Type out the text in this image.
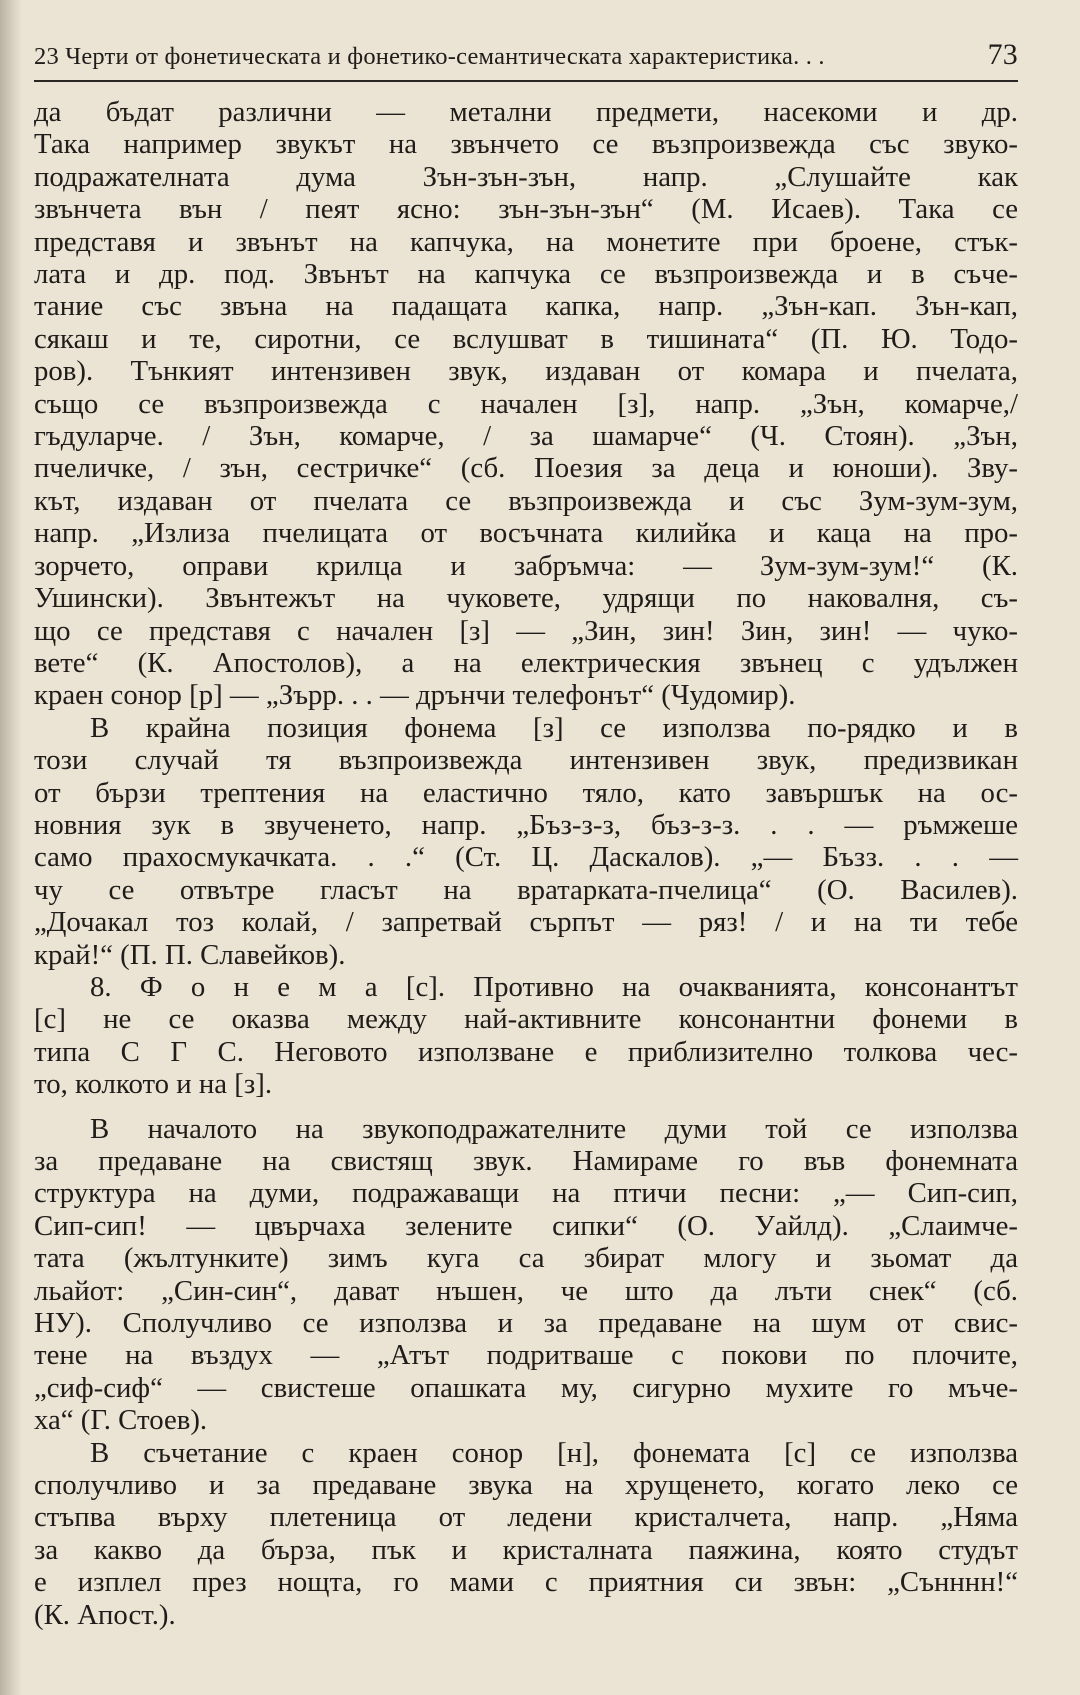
23 Черти от фонетическата и фонетико-семантическата характеристика. . .	73
да бъдат различни — метални предмети, насекоми и др.
Така например звукът на звънчето се възпроизвежда със звуко-
подражателната дума Зън-зън-зън, напр. „Слушайте как
звънчета вън / пеят ясно: зън-зън-зън“ (М. Исаев). Така се
представя и звънът на капчука, на монетите при броене, стък-
лата и др. под. Звънът на капчука се възпроизвежда и в съче-
тание със звъна на падащата капка, напр. „Зън-кап. Зън-кап,
сякаш и те, сиротни, се вслушват в тишината“ (П. Ю. Тодо-
ров). Тънкият интензивен звук, издаван от комара и пчелата,
също се възпроизвежда с начален [з], напр. „Зън, комарче,/
гъдуларче. / Зън, комарче, / за шамарче“ (Ч. Стоян). „Зън,
пчеличке, / зън, сестричке“ (сб. Поезия за деца и юноши). Зву-
кът, издаван от пчелата се възпроизвежда и със Зум-зум-зум,
напр. „Излиза пчелицата от восъчната килийка и каца на про-
зорчето, оправи крилца и забръмча: — Зум-зум-зум!“ (К.
Ушински). Звънтежът на чуковете, удрящи по наковалня, съ-
що се представя с начален [з] — „Зин, зин! Зин, зин! — чуко-
вете“ (К. Апостолов), а на електрическия звънец с удължен
краен сонор [р] — „Зърр. . . — дрънчи телефонът“ (Чудомир).
В крайна позиция фонема [з] се използва по-рядко и в
този случай тя възпроизвежда интензивен звук, предизвикан
от бързи трептения на еластично тяло, като завършък на ос-
новния зук в звученето, напр. „Бъз-з-з, бъз-з-з. . . — ръмжеше
само прахосмукачката. . .“ (Ст. Ц. Даскалов). „— Бъзз. . . —
чу се отвътре гласът на вратарката-пчелица“ (О. Василев).
„Дочакал тоз колай, / запретвай сърпът — ряз! / и на ти тебе
край!“ (П. П. Славейков).
8. Ф о н е м а [с]. Противно на очакванията, консонантът
[с] не се оказва между най-активните консонантни фонеми в
типа С Г С. Неговото използване е приблизително толкова чес-
то, колкото и на [з].
В началото на звукоподражателните думи той се използва
за предаване на свистящ звук. Намираме го във фонемната
структура на думи, подражаващи на птичи песни: „— Сип-сип,
Сип-сип! — цвърчаха зелените сипки“ (О. Уайлд). „Слаимче-
тата (жълтунките) зимъ куга са збират млогу и зьомат да
льайот: „Син-син“, дават нъшен, че што да лъти снек“ (сб.
НУ). Сполучливо се използва и за предаване на шум от свис-
тене на въздух — „Атът подритваше с покови по плочите,
„сиф-сиф“ — свистеше опашката му, сигурно мухите го мъче-
ха“ (Г. Стоев).
В съчетание с краен сонор [н], фонемата [с] се използва
сполучливо и за предаване звука на хрущенето, когато леко се
стъпва върху плетеница от ледени кристалчета, напр. „Няма
за какво да бърза, пък и кристалната паяжина, която студът
е изплел през нощта, го мами с приятния си звън: „Сънннн!“
(К. Апост.).
